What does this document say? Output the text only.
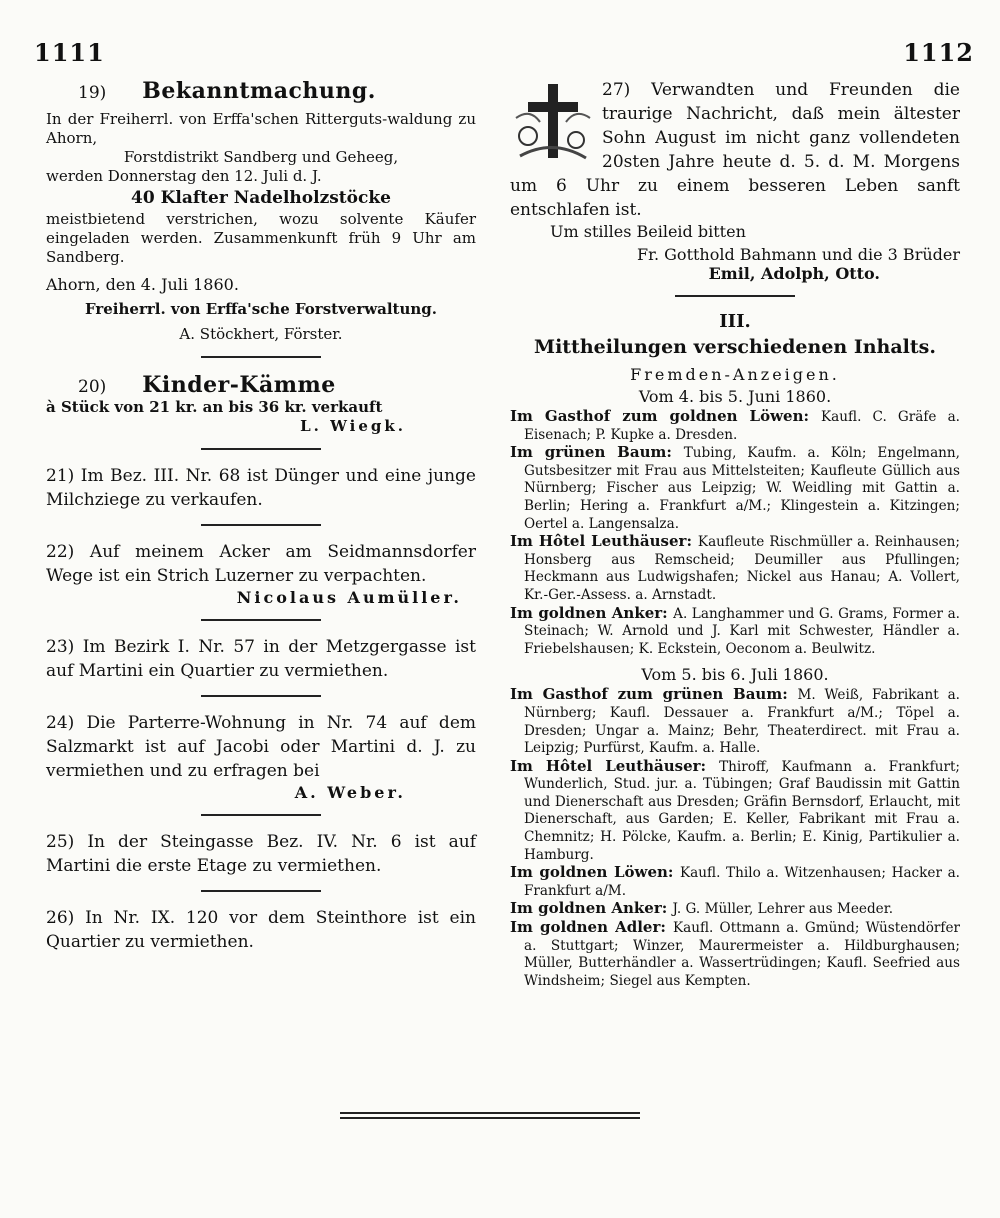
1111	1112
19) Bekanntmachung.

In der Freiherrl. von Erffa'schen Ritterguts-waldung zu Ahorn,

Forstdistrikt Sandberg und Geheeg,

werden Donnerstag den 12. Juli d. J.

40 Klafter Nadelholzstöcke

meistbietend verstrichen, wozu solvente Käufer eingeladen werden. Zusammenkunft früh 9 Uhr am Sandberg.

Ahorn, den 4. Juli 1860.

Freiherrl. von Erffa'sche Forstverwaltung.

A. Stöckhert, Förster.

20) Kinder-Kämme

à Stück von 21 kr. an bis 36 kr. verkauft

L. Wiegk.

21) Im Bez. III. Nr. 68 ist Dünger und eine junge Milchziege zu verkaufen.

22) Auf meinem Acker am Seidmannsdorfer Wege ist ein Strich Luzerner zu verpachten.

Nicolaus Aumüller.

23) Im Bezirk I. Nr. 57 in der Metzgergasse ist auf Martini ein Quartier zu vermiethen.

24) Die Parterre-Wohnung in Nr. 74 auf dem Salzmarkt ist auf Jacobi oder Martini d. J. zu vermiethen und zu erfragen bei

A. Weber.

25) In der Steingasse Bez. IV. Nr. 6 ist auf Martini die erste Etage zu vermiethen.

26) In Nr. IX. 120 vor dem Steinthore ist ein Quartier zu vermiethen.

27) Verwandten und Freunden die traurige Nachricht, daß mein ältester Sohn August im nicht ganz vollendeten 20sten Jahre heute d. 5. d. M. Morgens um 6 Uhr zu einem besseren Leben sanft entschlafen ist.

Um stilles Beileid bitten

Fr. Gotthold Bahmann und die 3 Brüder

Emil, Adolph, Otto.

III.
Mittheilungen verschiedenen Inhalts.
Fremden-Anzeigen.
Vom 4. bis 5. Juni 1860.

Im Gasthof zum goldnen Löwen: Kaufl. C. Gräfe a. Eisenach; P. Kupke a. Dresden.

Im grünen Baum: Tubing, Kaufm. a. Köln; Engelmann, Gutsbesitzer mit Frau aus Mittelsteiten; Kaufleute Güllich aus Nürnberg; Fischer aus Leipzig; W. Weidling mit Gattin a. Berlin; Hering a. Frankfurt a/M.; Klingestein a. Kitzingen; Oertel a. Langensalza.

Im Hôtel Leuthäuser: Kaufleute Rischmüller a. Reinhausen; Honsberg aus Remscheid; Deumiller aus Pfullingen; Heckmann aus Ludwigshafen; Nickel aus Hanau; A. Vollert, Kr.-Ger.-Assess. a. Arnstadt.

Im goldnen Anker: A. Langhammer und G. Grams, Former a. Steinach; W. Arnold und J. Karl mit Schwester, Händler a. Friebelshausen; K. Eckstein, Oeconom a. Beulwitz.

Vom 5. bis 6. Juli 1860.

Im Gasthof zum grünen Baum: M. Weiß, Fabrikant a. Nürnberg; Kaufl. Dessauer a. Frankfurt a/M.; Töpel a. Dresden; Ungar a. Mainz; Behr, Theaterdirect. mit Frau a. Leipzig; Purfürst, Kaufm. a. Halle.

Im Hôtel Leuthäuser: Thiroff, Kaufmann a. Frankfurt; Wunderlich, Stud. jur. a. Tübingen; Graf Baudissin mit Gattin und Dienerschaft aus Dresden; Gräfin Bernsdorf, Erlaucht, mit Dienerschaft, aus Garden; E. Keller, Fabrikant mit Frau a. Chemnitz; H. Pölcke, Kaufm. a. Berlin; E. Kinig, Partikulier a. Hamburg.

Im goldnen Löwen: Kaufl. Thilo a. Witzenhausen; Hacker a. Frankfurt a/M.

Im goldnen Anker: J. G. Müller, Lehrer aus Meeder.

Im goldnen Adler: Kaufl. Ottmann a. Gmünd; Wüstendörfer a. Stuttgart; Winzer, Maurermeister a. Hildburghausen; Müller, Butterhändler a. Wassertrüdingen; Kaufl. Seefried aus Windsheim; Siegel aus Kempten.
